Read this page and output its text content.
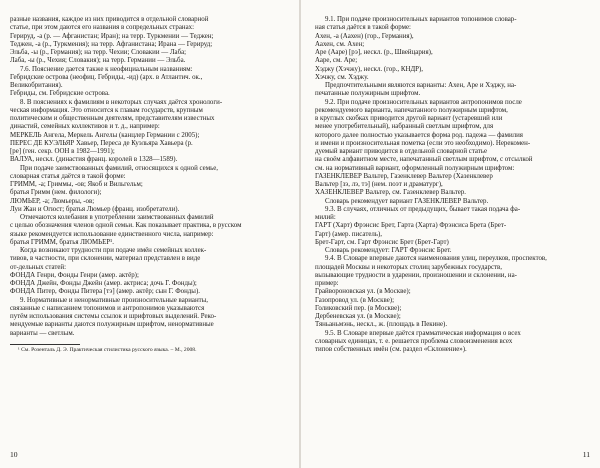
разные названия, каждое из них приводится в отдельной словарной

статье, при этом даются его названия в сопредельных странах:

Герируд, -а (р. — Афганистан; Иран); на терр. Туркмении — Теджен;

Теджен, -а (р., Туркмения); на терр. Афганистана; Ирана — Герируд;

Эльба, -ы (р., Германия); на терр. Чехии; Словакии — Лаба;

Лаба, -ы (р., Чехия; Словакия); на терр. Германии — Эльба.

7.6. Пояснение дается также к неофициальным названиям:

Гебридские острова (неофиц. Гебриды, -ид) (арх. в Атлантич. ок.,

Великобритания).

Гебриды, см. Гебридские острова.

8. В пояснениях к фамилиям в некоторых случаях даётся хронологи-

ческая информация. Это относится к главам государств, крупным

политическим и общественным деятелям, представителям известных

династий, семейных коллективов и т. д., например:

МЕРКЕЛЬ Ангела, Меркель Ангелы (канцлер Германии с 2005);

ПЕРЕС ДЕ КУЭЛЬЯР Хавьер, Переса де Куэльяра Хавьера (р.

[ре] (ген. секр. ООН в 1982—1991);

ВАЛУА, нескл. (династия франц. королей в 1328—1589).

При подаче заимствованных фамилий, относящихся к одной семье,

словарная статья даётся в такой форме:

ГРИММ, -а; Гриммы, -ов; Якоб и Вильгельм;

братья Гримм (нем. филологи);

ЛЮМЬЕР, -а; Люмьеры, -ов;

Луи Жан и Огюст; братья Люмьер (франц. изобретатели).

Отмечаются колебания в употреблении заимствованных фамилий

с целью обозначения членов одной семьи. Как показывает практика, в русском

языке рекомендуется использование единственного числа, например:

братья ГРИММ, братья ЛЮМЬЕР¹.

Когда возникают трудности при подаче имён семейных коллек-

тивов, в частности, при склонении, материал представлен в виде

от-дельных статей:

ФОНДА Генри, Фонды Генри (амер. актёр);

ФОНДА Джейн, Фонды Джейн (амер. актриса; дочь Г. Фонды);

ФОНДА Питер, Фонды Питера [тэ] (амер. актёр; сын Г. Фонды).

9. Нормативные и ненормативные произносительные варианты,

связанные с написанием топонимов и антропонимов указываются

путём использования системы ссылок и шрифтовых выделений. Реко-

мендуемые варианты даются полужирным шрифтом, ненормативные

варианты — светлым.

¹ См. Розенталь Д. Э. Практическая стилистика русского языка. – М., 2008.
10

9.1. При подаче произносительных вариантов топонимов словар-

ная статья даётся в такой форме:

Ахен, -а (Аахен) (гор., Германия),

Аахен, см. Ахен;

Аре (Ааре) [рэ], нескл. (р., Швейцария),

Ааре, см. Аре;

Хэджу (Хэчжу), нескл. (гор., КНДР),

Хэчжу, см. Хэджу.

Предпочтительными являются варианты: Ахен, Аре и Хэджу, на-

печатанные полужирным шрифтом.

9.2. При подаче произносительных вариантов антропонимов после

рекомендуемого варианта, напечатанного полужирным шрифтом,

в круглых скобках приводится другой вариант (устаревший или

менее употребительный), набранный светлым шрифтом, для

которого далее полностью указывается форма род. падежа — фамилия

и имени и произносительная пометка (если это необходимо). Нерекомен-

дуемый вариант приводится в отдельной словарной статье

на своём алфавитном месте, напечатанный светлым шрифтом, с отсылкой

см. на нормативный вариант, оформленный полужирным шрифтом:

ГАЗЕНКЛЕВЕР Вальтер, Газенклевер Вальтер (Хазенклевер

Вальтер [зэ, лэ, тэ] (нем. поэт и драматург),

ХАЗЕНКЛЕВЕР Вальтер, см. Газенклевер Вальтер.

Словарь рекомендует вариант ГАЗЕНКЛЕВЕР Вальтер.

9.3. В случаях, отличных от предыдущих, бывает такая подача фа-

милий:

ГАРТ (Харт) Фрэнсис Брет, Гарта (Харта) Фрэнсиса Брета (Брет-

Гарт) (амер. писатель),

Брет-Гарт, см. Гарт Фрэнсис Брет (Брет-Гарт)

Словарь рекомендует: ГАРТ Фрэнсис Брет.

9.4. В Словаре впервые даются наименования улиц, переулков, проспектов,

площадей Москвы и некоторых столиц зарубежных государств,

вызывающие трудности в ударении, произношении и склонении, на-

пример:

Грайвороновская ул. (в Москве);

Газопровод ул. (в Москве);

Голиковский пер. (в Москве);

Дербеневская ул. (в Москве);

Тяньаньмэнь, нескл., ж. (площадь в Пекине).

9.5. В Словаре впервые даётся грамматическая информация о всех

словарных единицах, т. е. решается проблема словоизменения всех

типов собственных имён (см. раздел «Склонение»).

11
